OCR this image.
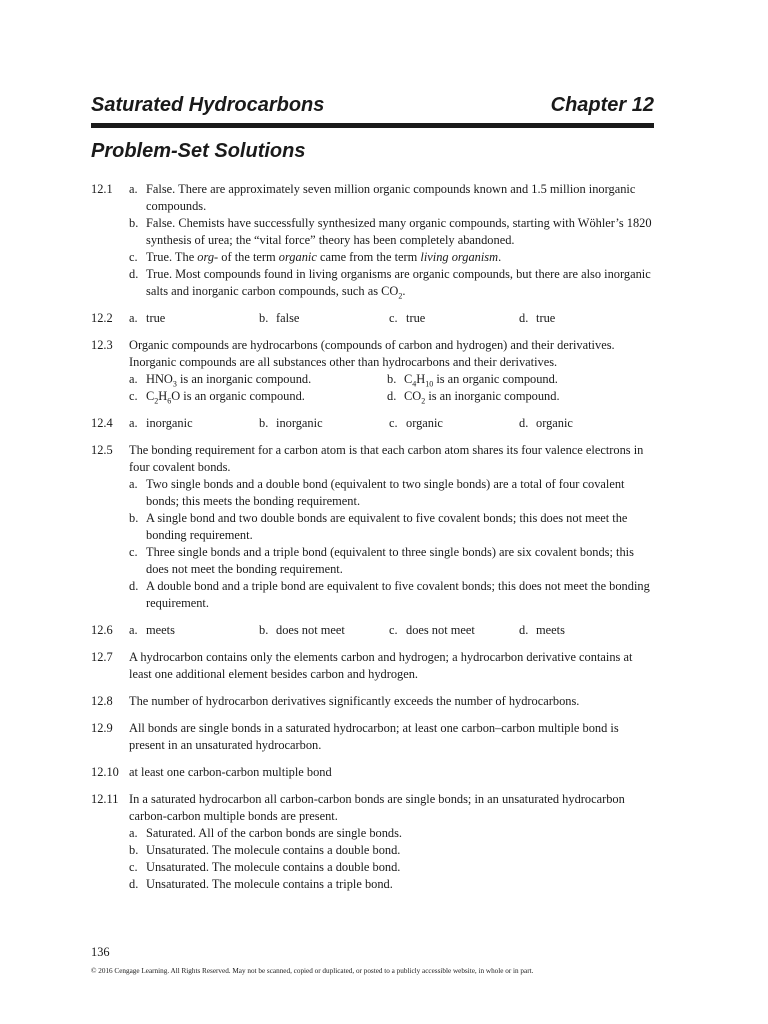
Saturated Hydrocarbons	Chapter 12
Problem-Set Solutions
12.1	a. False. There are approximately seven million organic compounds known and 1.5 million inorganic compounds.
b. False. Chemists have successfully synthesized many organic compounds, starting with Wöhler’s 1820 synthesis of urea; the “vital force” theory has been completely abandoned.
c. True. The org- of the term organic came from the term living organism.
d. True. Most compounds found in living organisms are organic compounds, but there are also inorganic salts and inorganic carbon compounds, such as $CO_2$.
12.2	a. true	b. false	c. true	d. true
12.3	Organic compounds are hydrocarbons (compounds of carbon and hydrogen) and their derivatives. Inorganic compounds are all substances other than hydrocarbons and their derivatives.
a. $HNO_3$ is an inorganic compound.	b. $C_4H_{10}$ is an organic compound.
c. $C_2H_6O$ is an organic compound.	d. $CO_2$ is an inorganic compound.
12.4	a. inorganic	b. inorganic	c. organic	d. organic
12.5	The bonding requirement for a carbon atom is that each carbon atom shares its four valence electrons in four covalent bonds.
a. Two single bonds and a double bond (equivalent to two single bonds) are a total of four covalent bonds; this meets the bonding requirement.
b. A single bond and two double bonds are equivalent to five covalent bonds; this does not meet the bonding requirement.
c. Three single bonds and a triple bond (equivalent to three single bonds) are six covalent bonds; this does not meet the bonding requirement.
d. A double bond and a triple bond are equivalent to five covalent bonds; this does not meet the bonding requirement.
12.6	a. meets	b. does not meet	c. does not meet	d. meets
12.7	A hydrocarbon contains only the elements carbon and hydrogen; a hydrocarbon derivative contains at least one additional element besides carbon and hydrogen.
12.8	The number of hydrocarbon derivatives significantly exceeds the number of hydrocarbons.
12.9	All bonds are single bonds in a saturated hydrocarbon; at least one carbon–carbon multiple bond is present in an unsaturated hydrocarbon.
12.10 at least one carbon-carbon multiple bond
12.11 In a saturated hydrocarbon all carbon-carbon bonds are single bonds; in an unsaturated hydrocarbon carbon-carbon multiple bonds are present.
a. Saturated. All of the carbon bonds are single bonds.
b. Unsaturated. The molecule contains a double bond.
c. Unsaturated. The molecule contains a double bond.
d. Unsaturated. The molecule contains a triple bond.
136
© 2016 Cengage Learning. All Rights Reserved. May not be scanned, copied or duplicated, or posted to a publicly accessible website, in whole or in part.
